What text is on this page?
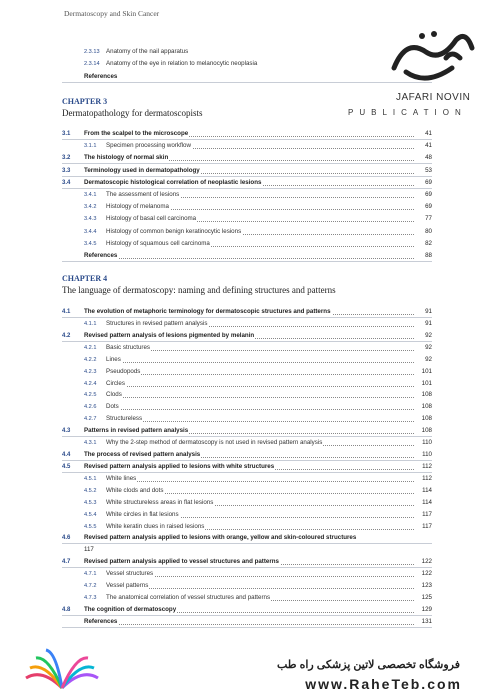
Dermatoscopy and Skin Cancer
JAFARI NOVIN
PUBLICATION
2.3.13 Anatomy of the nail apparatus
2.3.14 Anatomy of the eye in relation to melanocytic neoplasia
References
3.1 From the scalpel to the microscope	41
3.1.1 Specimen processing workflow	41
3.2 The histology of normal skin	48
3.3 Terminology used in dermatopathology	53
3.4 Dermatoscopic histological correlation of neoplastic lesions	69
3.4.1 The assessment of lesions	69
3.4.2 Histology of melanoma	69
3.4.3 Histology of basal cell carcinoma	77
3.4.4 Histology of common benign keratinocytic lesions	80
3.4.5 Histology of squamous cell carcinoma	82
References	88
4.1 The evolution of metaphoric terminology for dermatoscopic structures and patterns	91
4.1.1 Structures in revised pattern analysis	91
4.2 Revised pattern analysis of lesions pigmented by melanin	92
4.2.1 Basic structures	92
4.2.2 Lines	92
4.2.3 Pseudopods	101
4.2.4 Circles	101
4.2.5 Clods	108
4.2.6 Dots	108
4.2.7 Structureless	108
4.3 Patterns in revised pattern analysis	108
4.3.1 Why the 2-step method of dermatoscopy is not used in revised pattern analysis	110
4.4 The process of revised pattern analysis	110
4.5 Revised pattern analysis applied to lesions with white structures	112
4.5.1 White lines	112
4.5.2 White clods and dots	114
4.5.3 White structureless areas in flat lesions	114
4.5.4 White circles in flat lesions	117
4.5.5 White keratin clues in raised lesions	117
4.6 Revised pattern analysis applied to lesions with orange, yellow and skin-coloured structures
117
4.7 Revised pattern analysis applied to vessel structures and patterns	122
4.7.1 Vessel structures	122
4.7.2 Vessel patterns	123
4.7.3 The anatomical correlation of vessel structures and patterns	125
4.8 The cognition of dermatoscopy	129
References	131
CHAPTER 3
Dermatopathology for dermatoscopists
CHAPTER 4
The language of dermatoscopy: naming and defining structures and patterns
فروشگاه تخصصی لاتین پزشکی راه طب
www.RaheTeb.com
